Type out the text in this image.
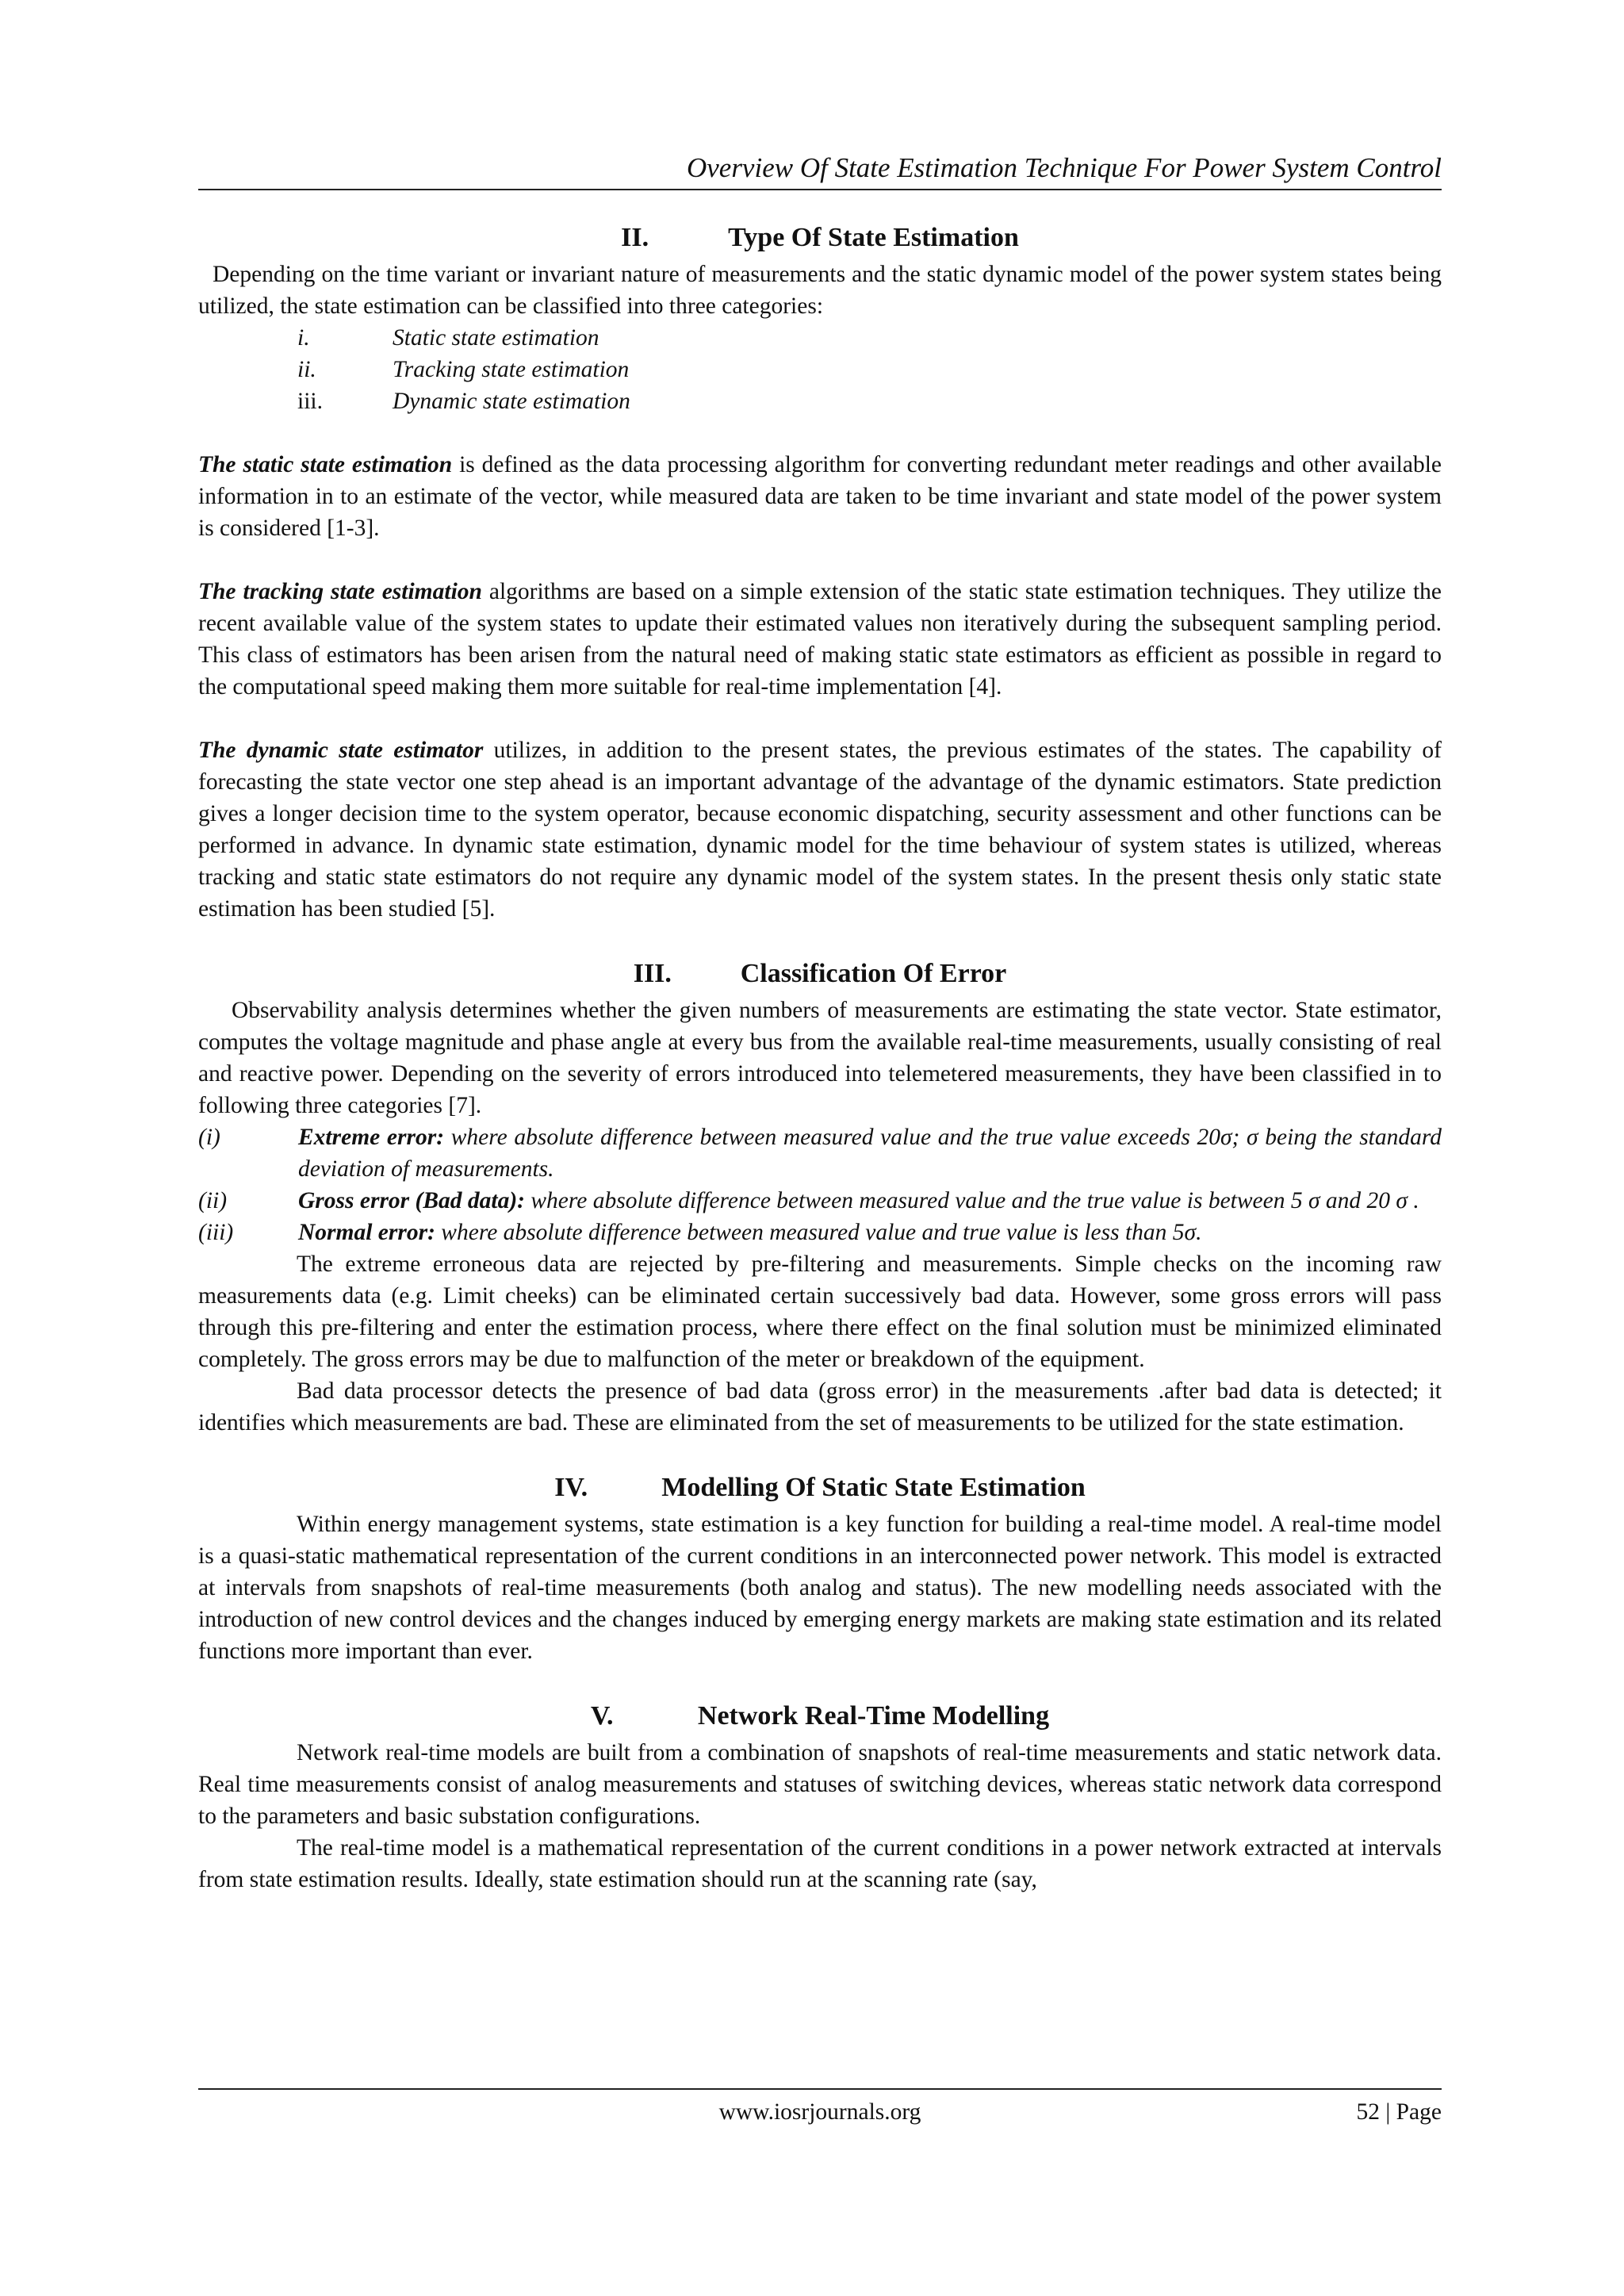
Overview Of State Estimation Technique For Power System Control
II.	Type Of State Estimation

Depending on the time variant or invariant nature of measurements and the static dynamic model of the power system states being utilized, the state estimation can be classified into three categories:

i.	Static state estimation
ii.	Tracking state estimation
iii.	Dynamic state estimation

The static state estimation is defined as the data processing algorithm for converting redundant meter readings and other available information in to an estimate of the vector, while measured data are taken to be time invariant and state model of the power system is considered [1-3].

The tracking state estimation algorithms are based on a simple extension of the static state estimation techniques. They utilize the recent available value of the system states to update their estimated values non iteratively during the subsequent sampling period. This class of estimators has been arisen from the natural need of making static state estimators as efficient as possible in regard to the computational speed making them more suitable for real-time implementation [4].

The dynamic state estimator utilizes, in addition to the present states, the previous estimates of the states. The capability of forecasting the state vector one step ahead is an important advantage of the advantage of the dynamic estimators. State prediction gives a longer decision time to the system operator, because economic dispatching, security assessment and other functions can be performed in advance. In dynamic state estimation, dynamic model for the time behaviour of system states is utilized, whereas tracking and static state estimators do not require any dynamic model of the system states. In the present thesis only static state estimation has been studied [5].

III.	Classification Of Error

Observability analysis determines whether the given numbers of measurements are estimating the state vector. State estimator, computes the voltage magnitude and phase angle at every bus from the available real-time measurements, usually consisting of real and reactive power. Depending on the severity of errors introduced into telemetered measurements, they have been classified in to following three categories [7].

(i)	Extreme error: where absolute difference between measured value and the true value exceeds 20σ; σ being the standard deviation of measurements.
(ii)	Gross error (Bad data): where absolute difference between measured value and the true value is between 5 σ and 20 σ .
(iii)	Normal error: where absolute difference between measured value and true value is less than 5σ.

The extreme erroneous data are rejected by pre-filtering and measurements. Simple checks on the incoming raw measurements data (e.g. Limit cheeks) can be eliminated certain successively bad data. However, some gross errors will pass through this pre-filtering and enter the estimation process, where there effect on the final solution must be minimized eliminated completely. The gross errors may be due to malfunction of the meter or breakdown of the equipment.

Bad data processor detects the presence of bad data (gross error) in the measurements .after bad data is detected; it identifies which measurements are bad. These are eliminated from the set of measurements to be utilized for the state estimation.

IV.	Modelling Of Static State Estimation

Within energy management systems, state estimation is a key function for building a real-time model. A real-time model is a quasi-static mathematical representation of the current conditions in an interconnected power network. This model is extracted at intervals from snapshots of real-time measurements (both analog and status). The new modelling needs associated with the introduction of new control devices and the changes induced by emerging energy markets are making state estimation and its related functions more important than ever.

V.	Network Real-Time Modelling

Network real-time models are built from a combination of snapshots of real-time measurements and static network data. Real time measurements consist of analog measurements and statuses of switching devices, whereas static network data correspond to the parameters and basic substation configurations.

The real-time model is a mathematical representation of the current conditions in a power network extracted at intervals from state estimation results. Ideally, state estimation should run at the scanning rate (say,

www.iosrjournals.org	52 | Page
